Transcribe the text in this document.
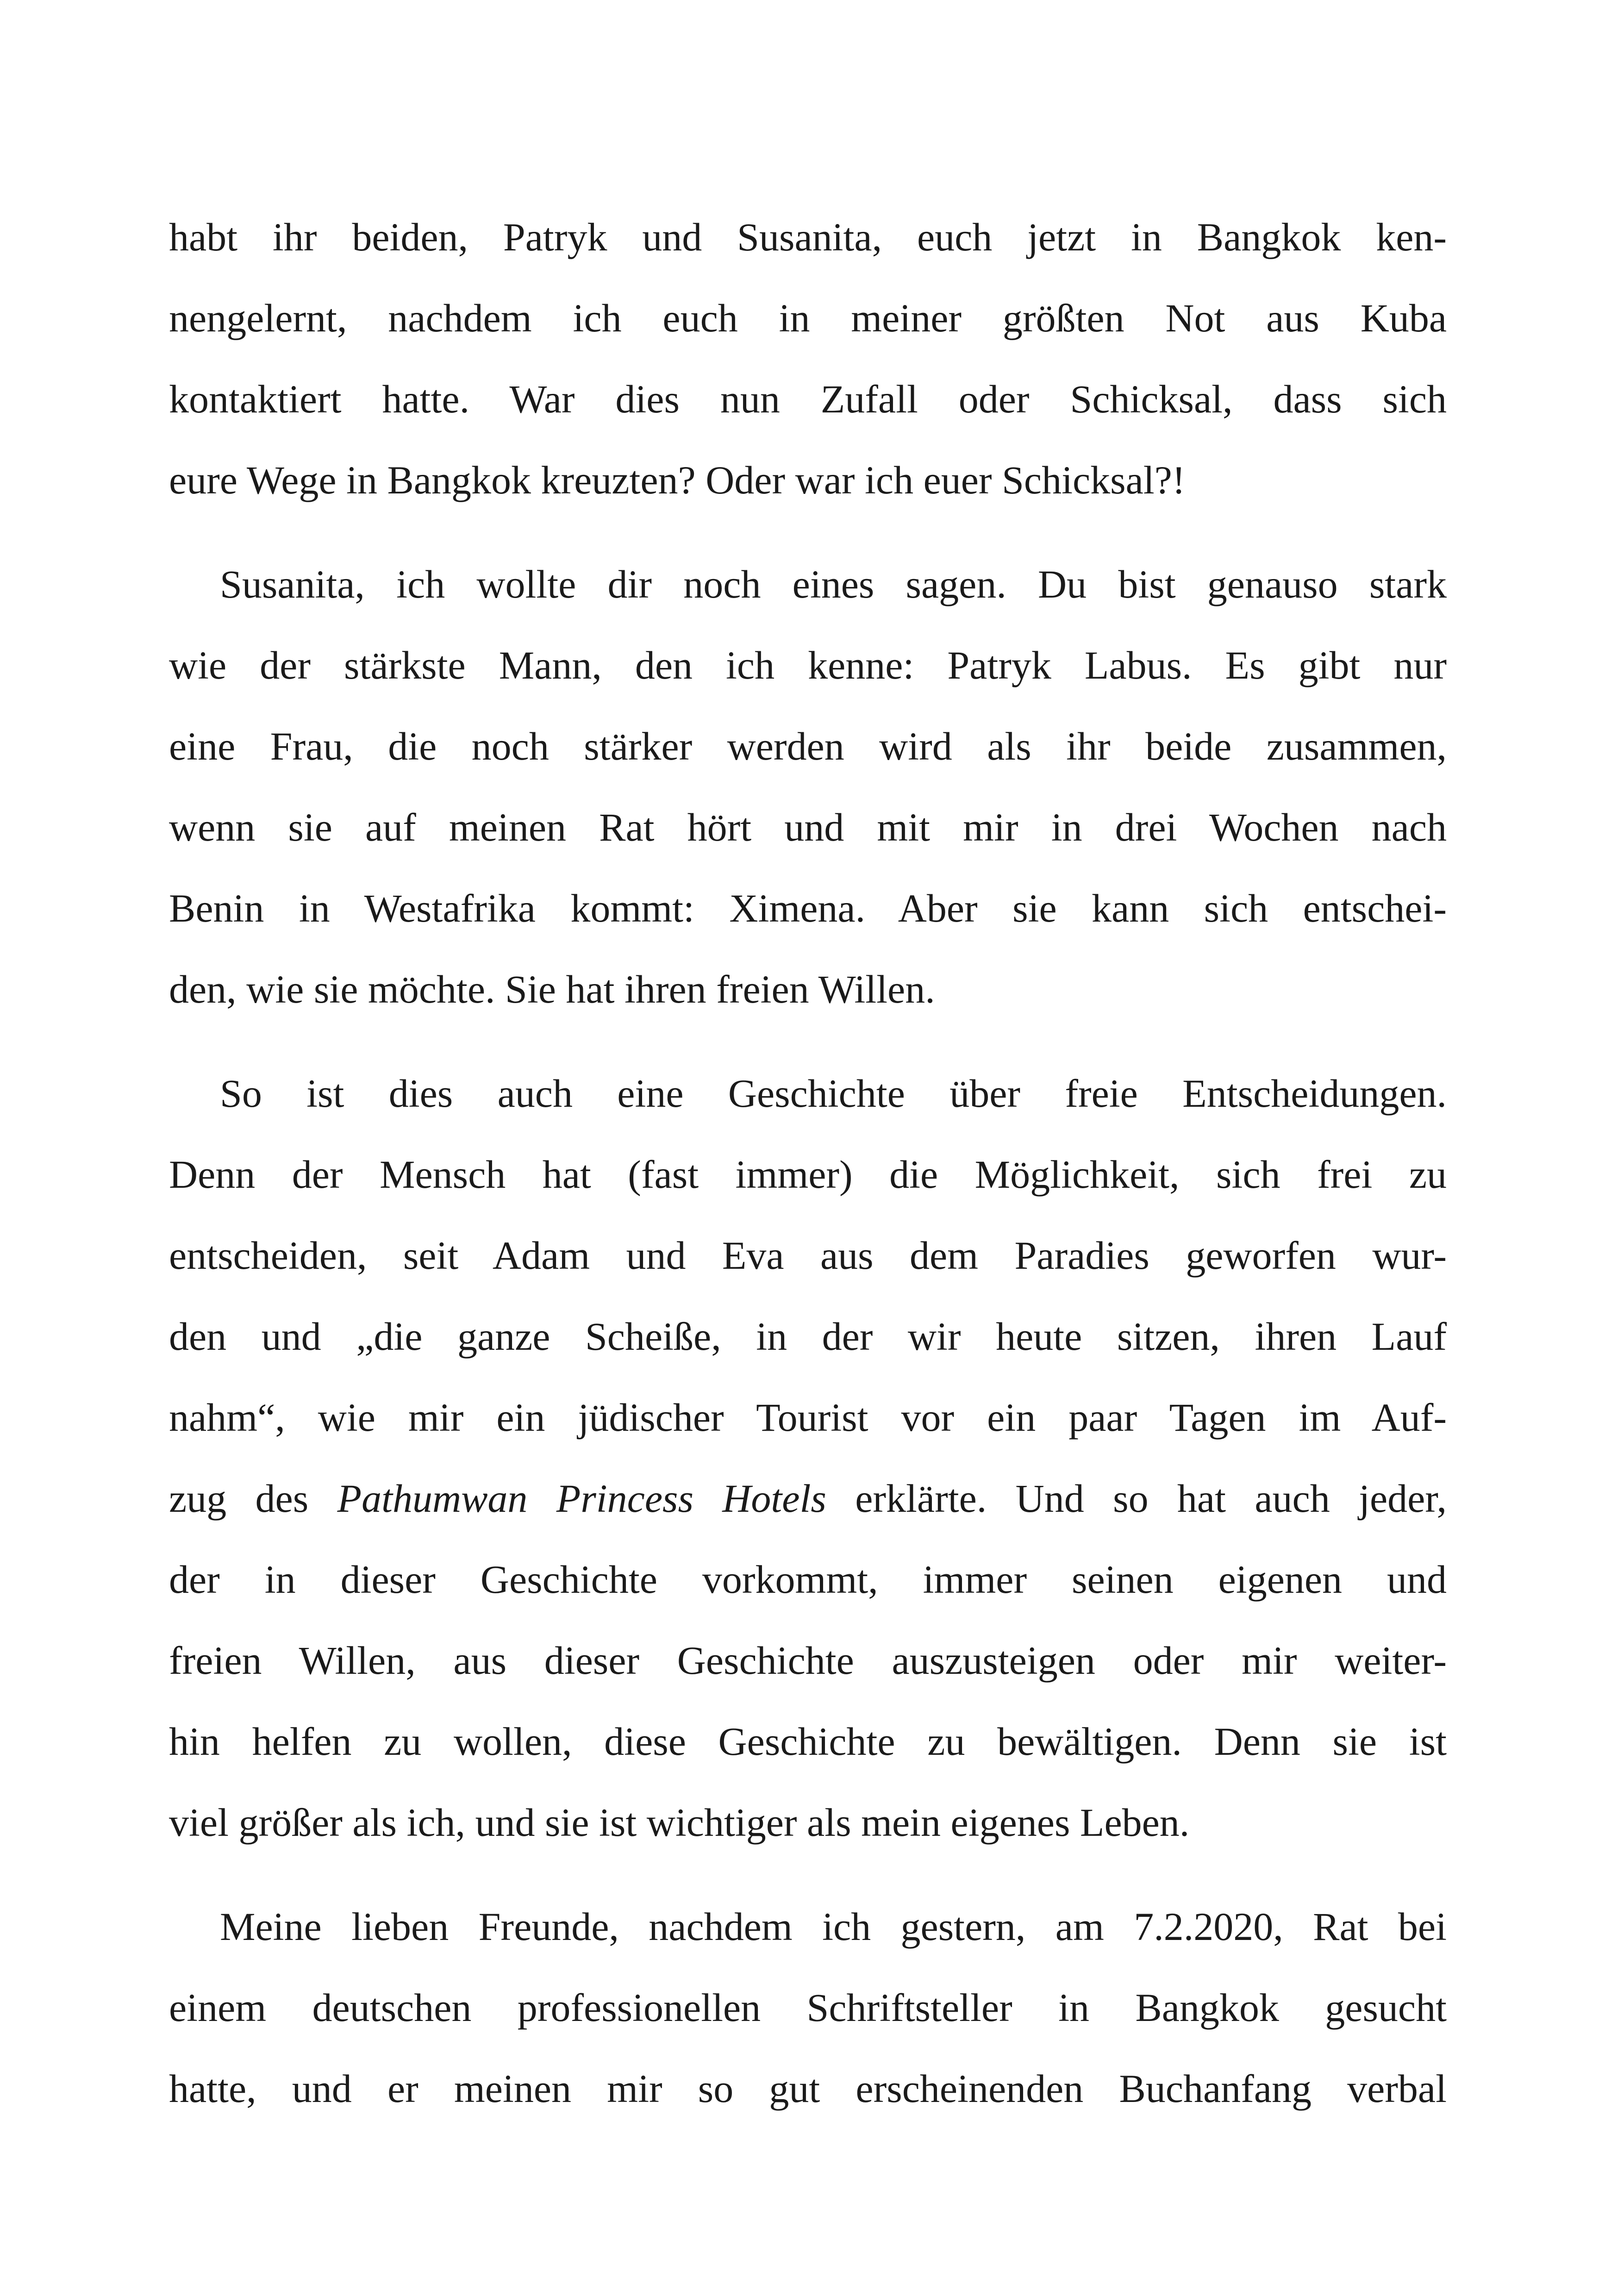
habt ihr beiden, Patryk und Susanita, euch jetzt in Bangkok ken-
nengelernt, nachdem ich euch in meiner größten Not aus Kuba
kontaktiert hatte. War dies nun Zufall oder Schicksal, dass sich
eure Wege in Bangkok kreuzten? Oder war ich euer Schicksal?!
Susanita, ich wollte dir noch eines sagen. Du bist genauso stark
wie der stärkste Mann, den ich kenne: Patryk Labus. Es gibt nur
eine Frau, die noch stärker werden wird als ihr beide zusammen,
wenn sie auf meinen Rat hört und mit mir in drei Wochen nach
Benin in Westafrika kommt: Ximena. Aber sie kann sich entschei-
den, wie sie möchte. Sie hat ihren freien Willen.
So ist dies auch eine Geschichte über freie Entscheidungen.
Denn der Mensch hat (fast immer) die Möglichkeit, sich frei zu
entscheiden, seit Adam und Eva aus dem Paradies geworfen wur-
den und „die ganze Scheiße, in der wir heute sitzen, ihren Lauf
nahm“, wie mir ein jüdischer Tourist vor ein paar Tagen im Auf-
zug des Pathumwan Princess Hotels erklärte. Und so hat auch jeder,
der in dieser Geschichte vorkommt, immer seinen eigenen und
freien Willen, aus dieser Geschichte auszusteigen oder mir weiter-
hin helfen zu wollen, diese Geschichte zu bewältigen. Denn sie ist
viel größer als ich, und sie ist wichtiger als mein eigenes Leben.
Meine lieben Freunde, nachdem ich gestern, am 7.2.2020, Rat bei
einem deutschen professionellen Schriftsteller in Bangkok gesucht
hatte, und er meinen mir so gut erscheinenden Buchanfang verbal
